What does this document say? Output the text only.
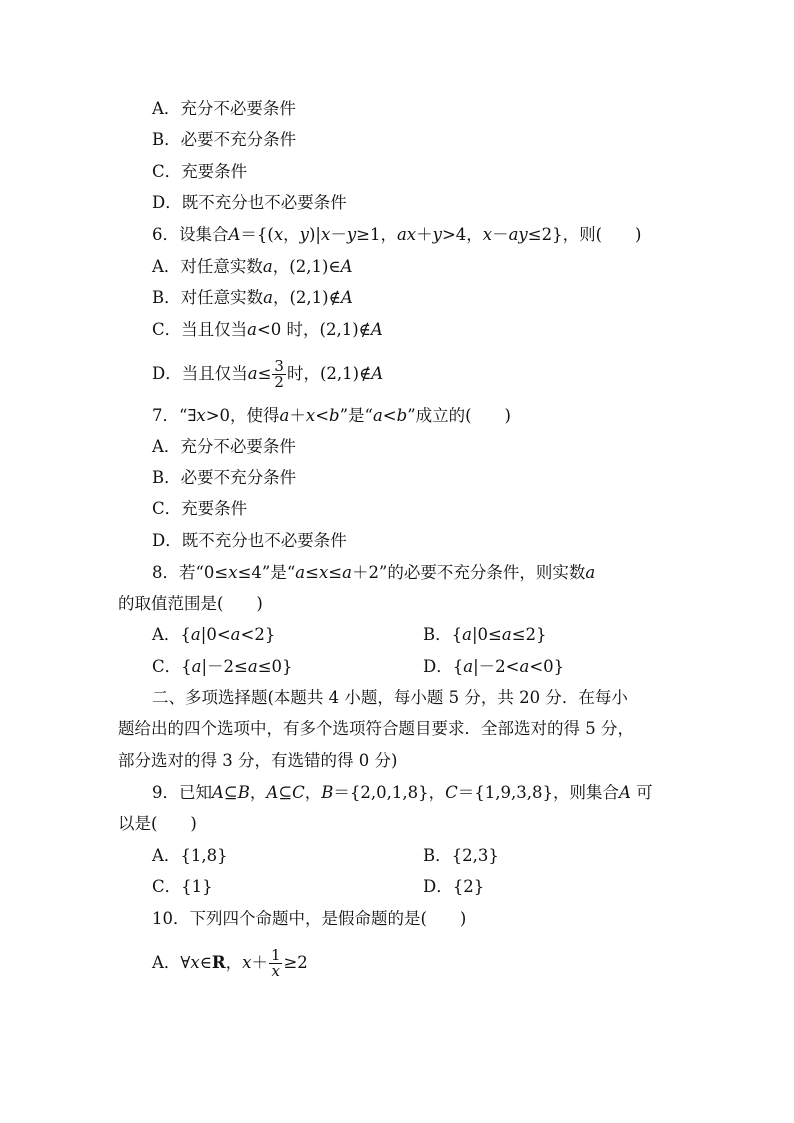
A．充分不必要条件
B．必要不充分条件
C．充要条件
D．既不充分也不必要条件
6．设集合A＝{(x，y)|x－y≥1，ax＋y>4，x－ay≤2}，则(　　)
A．对任意实数a，(2,1)∈A
B．对任意实数a，(2,1)∉A
C．当且仅当a<0 时，(2,1)∉A
D．当且仅当$a\le \frac{3}{2}$ 时，(2,1)∉A
7．“∃x>0，使得a＋x<b”是“a<b”成立的(　　)
A．充分不必要条件
B．必要不充分条件
C．充要条件
D．既不充分也不必要条件
8．若“0≤x≤4”是“a≤x≤a＋2”的必要不充分条件，则实数a
的取值范围是(　　)
A．{a|0<a<2}	B．{a|0≤a≤2}
C．{a|－2≤a≤0}	D．{a|－2<a<0}
二、多项选择题(本题共 4 小题，每小题 5 分，共 20 分．在每小
题给出的四个选项中，有多个选项符合题目要求．全部选对的得 5 分，
部分选对的得 3 分，有选错的得 0 分)
9．已知A⊆B，A⊆C，B＝{2,0,1,8}，C＝{1,9,3,8}，则集合A 可
以是(　　)
A．{1,8}	B．{2,3}
C．{1}	D．{2}
10．下列四个命题中，是假命题的是(　　)
A．∀x∈R，$x+ \frac{1}{x} \ge 2$
